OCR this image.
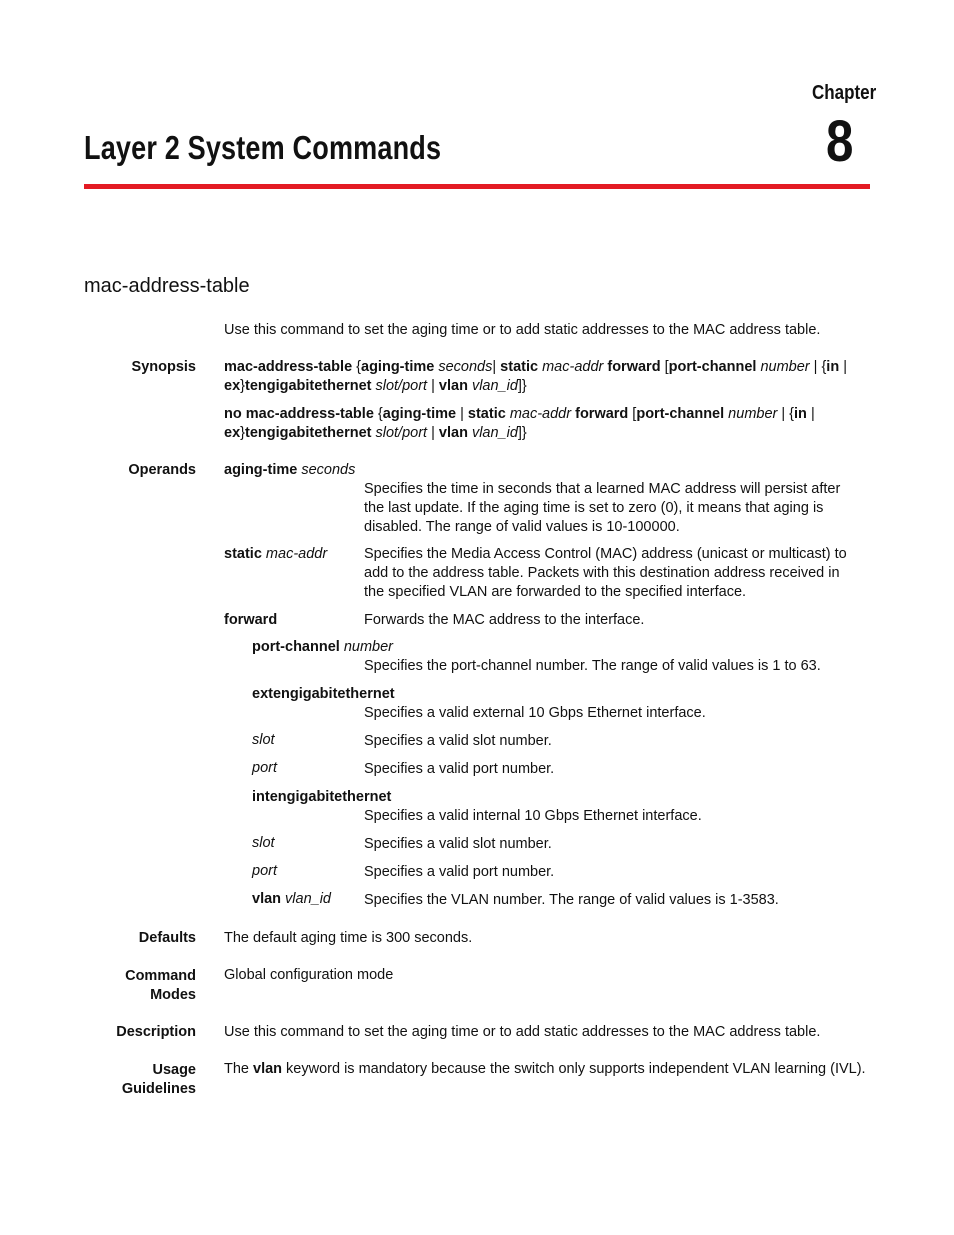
Chapter
8
Layer 2 System Commands
mac-address-table
Use this command to set the aging time or to add static addresses to the MAC address table.
Synopsis mac-address-table {aging-time seconds| static mac-addr forward [port-channel number | {in |
ex}tengigabitethernet slot/port | vlan vlan_id]}
no mac-address-table {aging-time | static mac-addr forward [port-channel number | {in |
ex}tengigabitethernet slot/port | vlan vlan_id]}
Operands aging-time seconds
Specifies the time in seconds that a learned MAC address will persist after
the last update. If the aging time is set to zero (0), it means that aging is
disabled. The range of valid values is 10-100000.
static mac-addr	Specifies the Media Access Control (MAC) address (unicast or multicast) to
add to the address table. Packets with this destination address received in
the specified VLAN are forwarded to the specified interface.
forward	Forwards the MAC address to the interface.
port-channel number
Specifies the port-channel number. The range of valid values is 1 to 63.
extengigabitethernet
Specifies a valid external 10 Gbps Ethernet interface.
slot	Specifies a valid slot number.
port	Specifies a valid port number.
intengigabitethernet
Specifies a valid internal 10 Gbps Ethernet interface.
slot	Specifies a valid slot number.
port	Specifies a valid port number.
vlan vlan_id Specifies the VLAN number. The range of valid values is 1-3583.
Defaults The default aging time is 300 seconds.
Command
Modes
Global configuration mode
Description Use this command to set the aging time or to add static addresses to the MAC address table.
Usage
Guidelines
The vlan keyword is mandatory because the switch only supports independent VLAN learning (IVL).
